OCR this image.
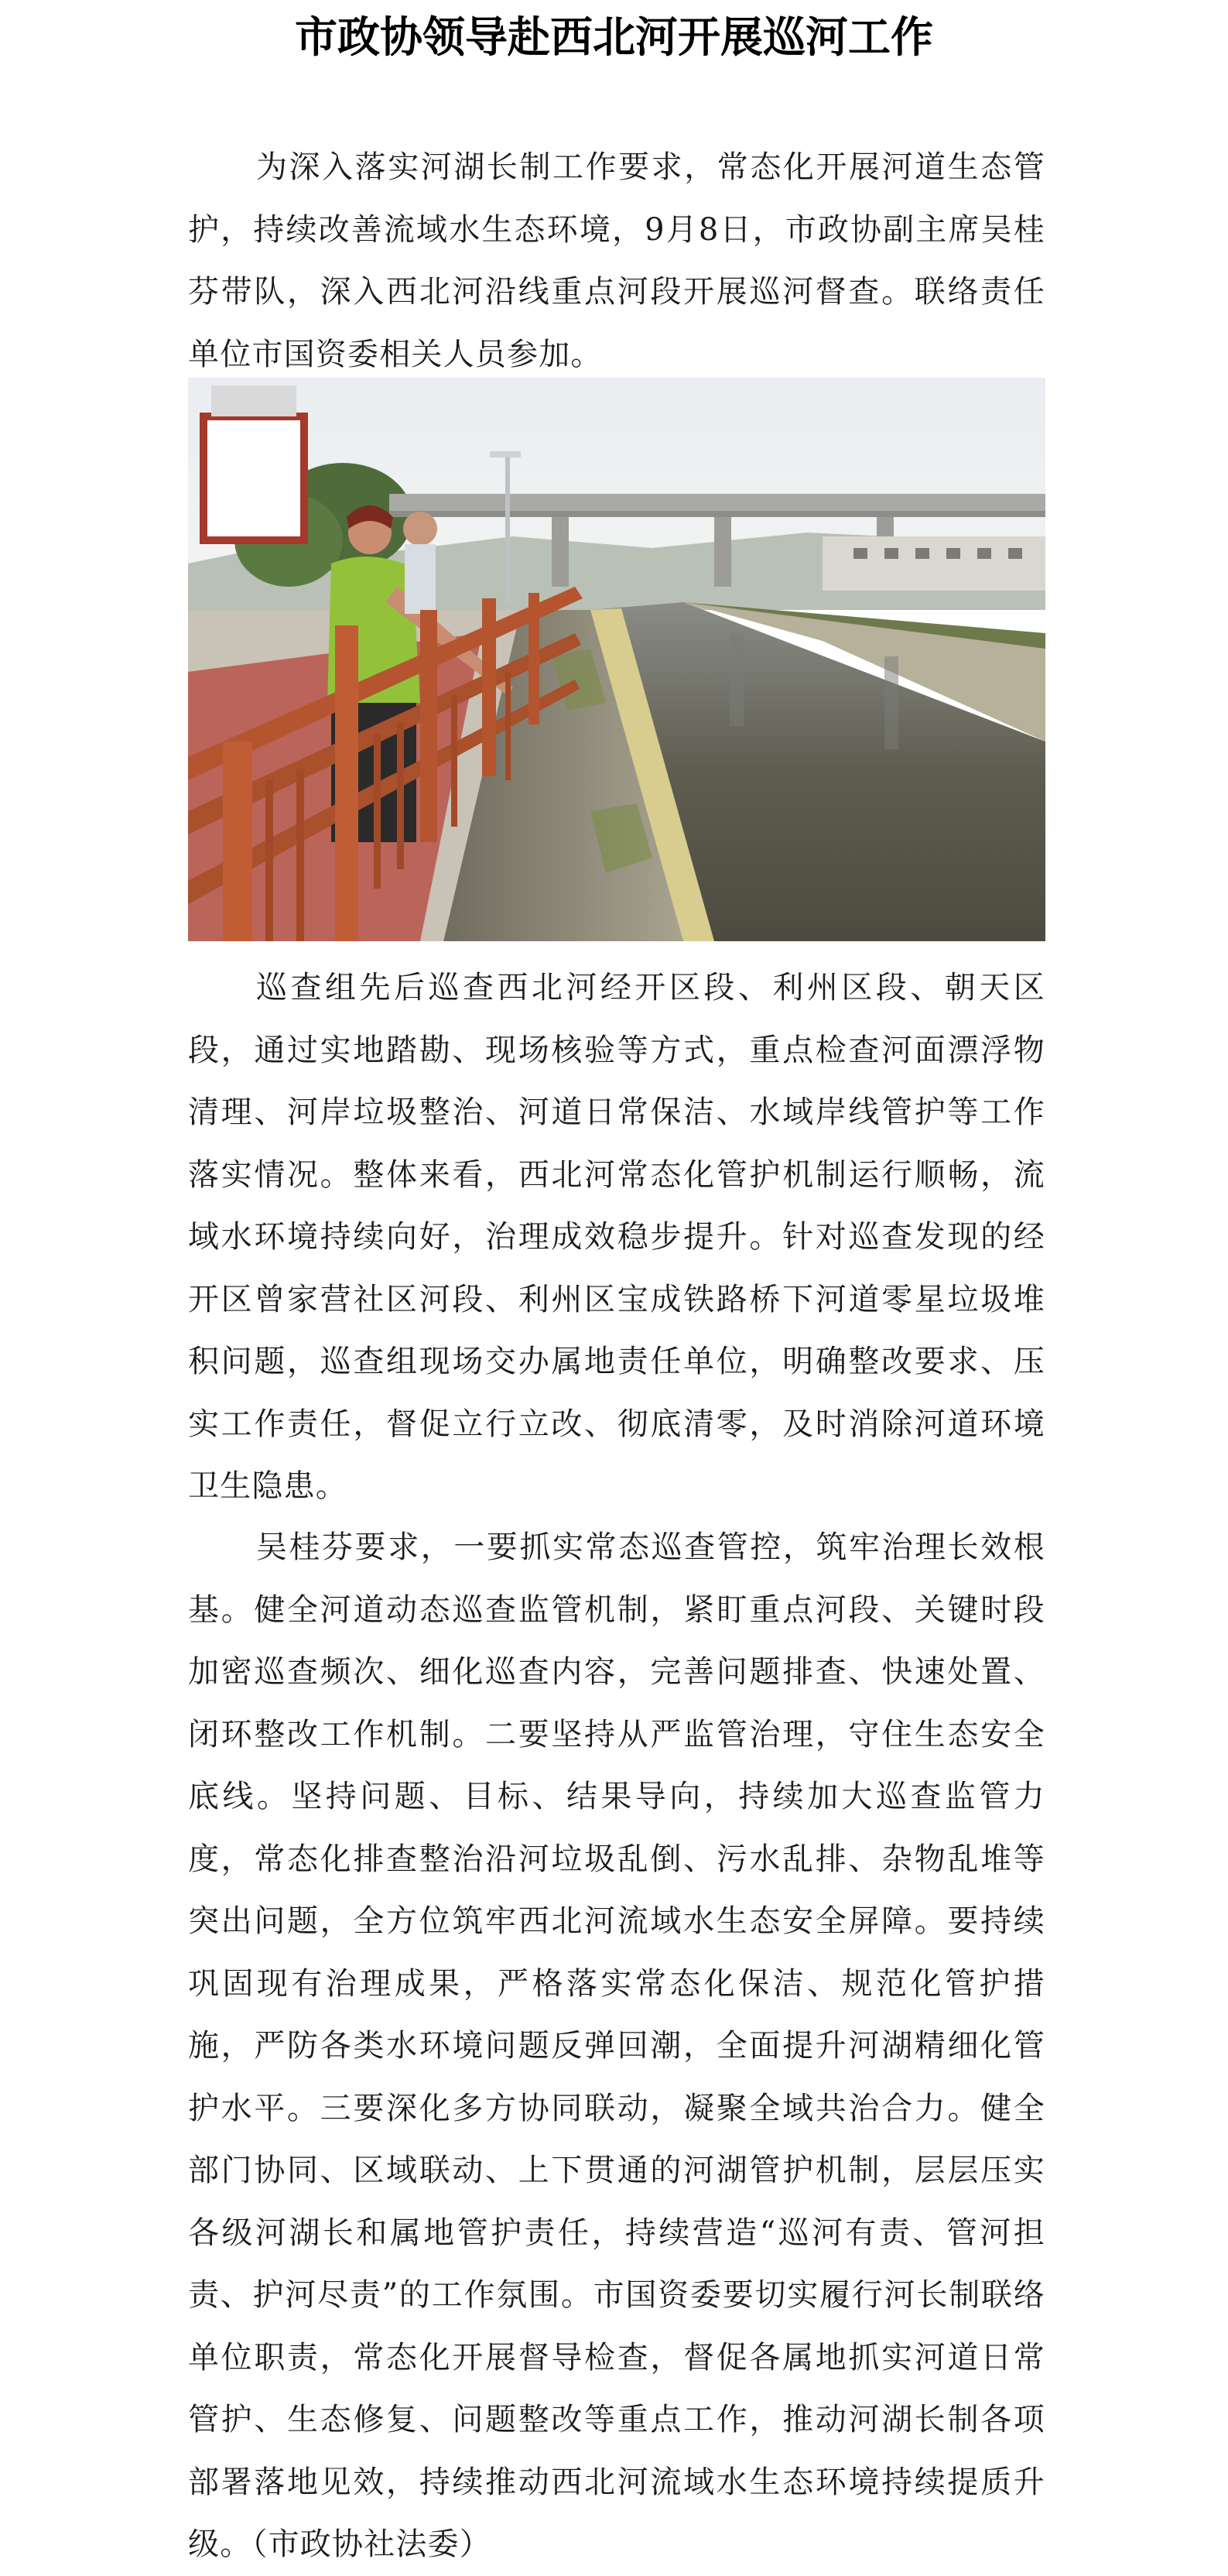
市政协领导赴西北河开展巡河工作

为深入落实河湖长制工作要求，常态化开展河道生态管护，持续改善流域水生态环境，9月8日，市政协副主席吴桂芬带队，深入西北河沿线重点河段开展巡河督查。联络责任单位市国资委相关人员参加。

巡查组先后巡查西北河经开区段、利州区段、朝天区段，通过实地踏勘、现场核验等方式，重点检查河面漂浮物清理、河岸垃圾整治、河道日常保洁、水域岸线管护等工作落实情况。整体来看，西北河常态化管护机制运行顺畅，流域水环境持续向好，治理成效稳步提升。针对巡查发现的经开区曾家营社区河段、利州区宝成铁路桥下河道零星垃圾堆积问题，巡查组现场交办属地责任单位，明确整改要求、压实工作责任，督促立行立改、彻底清零，及时消除河道环境卫生隐患。

吴桂芬要求，一要抓实常态巡查管控，筑牢治理长效根基。健全河道动态巡查监管机制，紧盯重点河段、关键时段加密巡查频次、细化巡查内容，完善问题排查、快速处置、闭环整改工作机制。二要坚持从严监管治理，守住生态安全底线。坚持问题、目标、结果导向，持续加大巡查监管力度，常态化排查整治沿河垃圾乱倒、污水乱排、杂物乱堆等突出问题，全方位筑牢西北河流域水生态安全屏障。要持续巩固现有治理成果，严格落实常态化保洁、规范化管护措施，严防各类水环境问题反弹回潮，全面提升河湖精细化管护水平。三要深化多方协同联动，凝聚全域共治合力。健全部门协同、区域联动、上下贯通的河湖管护机制，层层压实各级河湖长和属地管护责任，持续营造“巡河有责、管河担责、护河尽责”的工作氛围。市国资委要切实履行河长制联络单位职责，常态化开展督导检查，督促各属地抓实河道日常管护、生态修复、问题整改等重点工作，推动河湖长制各项部署落地见效，持续推动西北河流域水生态环境持续提质升级。（市政协社法委）
